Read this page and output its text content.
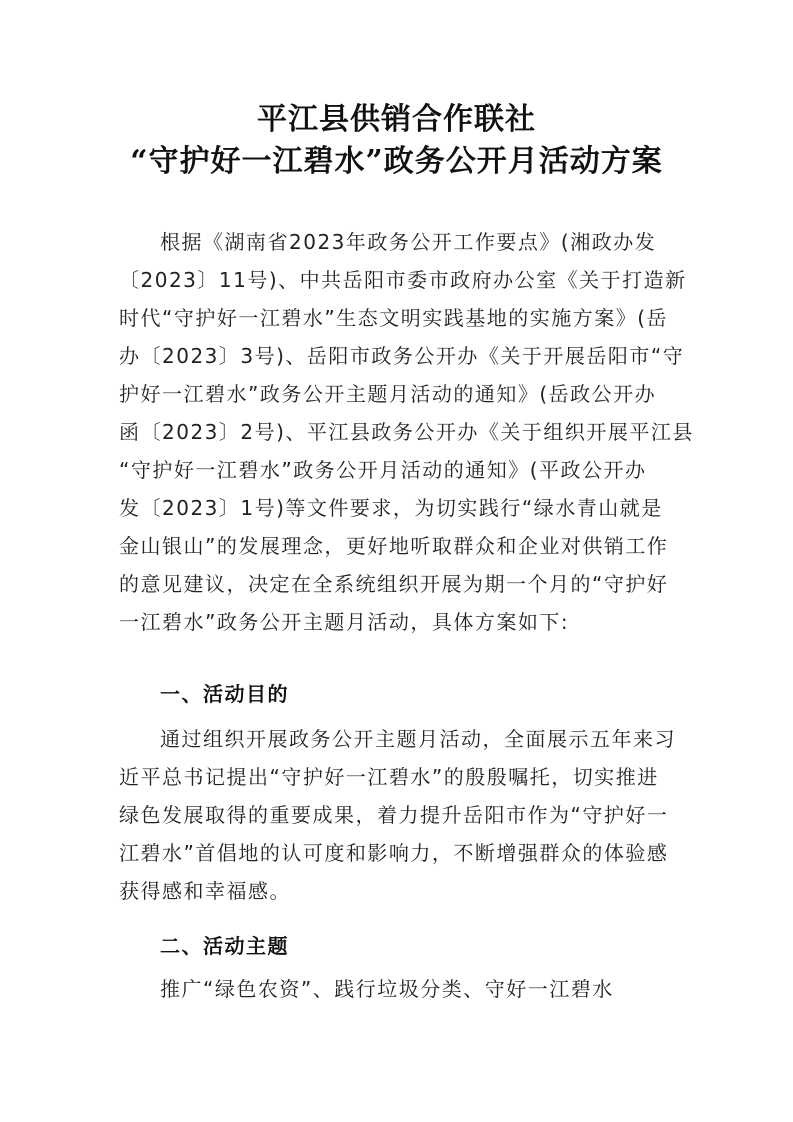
平江县供销合作联社
“守护好一江碧水”政务公开月活动方案
根据《湖南省2023年政务公开工作要点》(湘政办发
〔2023〕11号)、中共岳阳市委市政府办公室《关于打造新
时代“守护好一江碧水”生态文明实践基地的实施方案》(岳
办〔2023〕3号)、岳阳市政务公开办《关于开展岳阳市“守
护好一江碧水”政务公开主题月活动的通知》(岳政公开办
函〔2023〕2号)、平江县政务公开办《关于组织开展平江县
“守护好一江碧水”政务公开月活动的通知》(平政公开办
发〔2023〕1号)等文件要求，为切实践行“绿水青山就是
金山银山”的发展理念，更好地听取群众和企业对供销工作
的意见建议，决定在全系统组织开展为期一个月的“守护好
一江碧水”政务公开主题月活动，具体方案如下:
一、活动目的
通过组织开展政务公开主题月活动，全面展示五年来习
近平总书记提出“守护好一江碧水”的殷殷嘱托，切实推进
绿色发展取得的重要成果，着力提升岳阳市作为“守护好一
江碧水”首倡地的认可度和影响力，不断增强群众的体验感
获得感和幸福感。
二、活动主题
推广“绿色农资”、践行垃圾分类、守好一江碧水
